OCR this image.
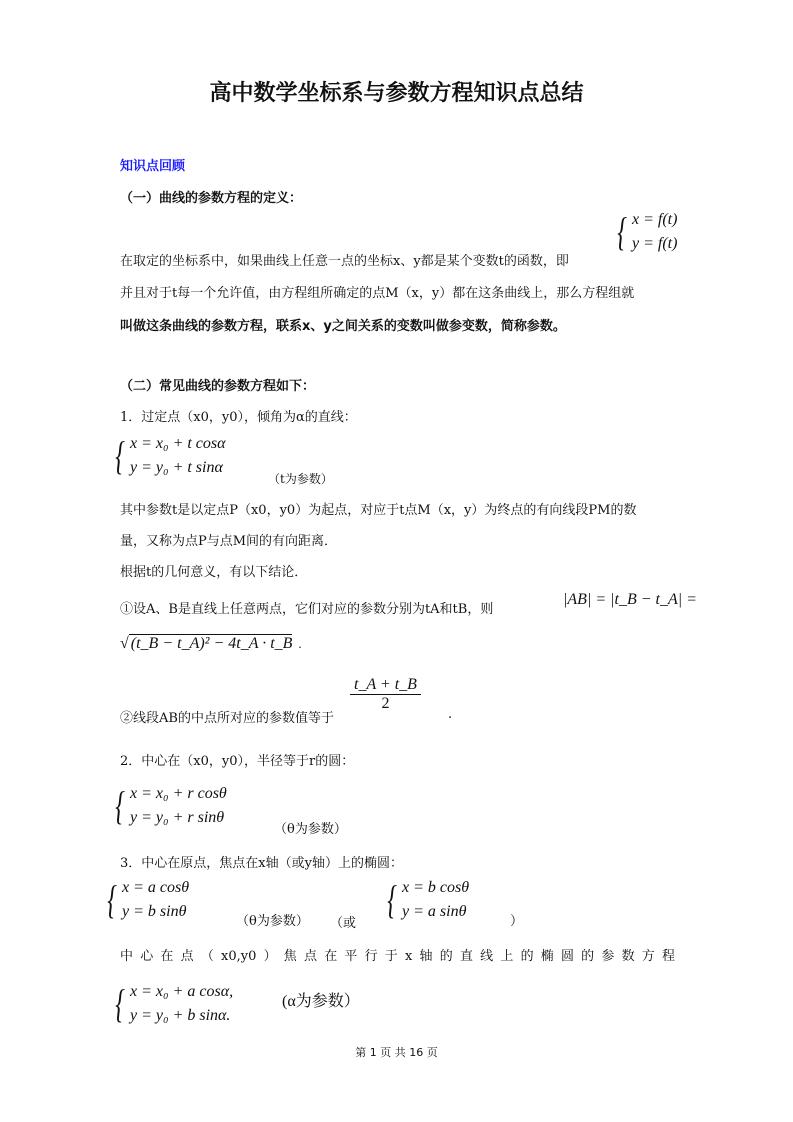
高中数学坐标系与参数方程知识点总结
知识点回顾
（一）曲线的参数方程的定义：
{ x = f(t)
y = f(t)
在取定的坐标系中，如果曲线上任意一点的坐标x、y都是某个变数t的函数，即
并且对于t每一个允许值，由方程组所确定的点M（x，y）都在这条曲线上，那么方程组就
叫做这条曲线的参数方程，联系x、y之间关系的变数叫做参变数，简称参数。
（二）常见曲线的参数方程如下：
1．过定点（x0，y0），倾角为α的直线：
{ x = x₀ + t cosα
y = y₀ + t sinα
（t为参数）
其中参数t是以定点P（x0，y0）为起点，对应于t点M（x，y）为终点的有向线段PM的数
量，又称为点P与点M间的有向距离．
根据t的几何意义，有以下结论．
①设A、B是直线上任意两点，它们对应的参数分别为tA和tB，则
|AB| = |t_B − t_A| =
√ (t_B − t_A)² − 4t_A · t_B .
$\frac{t\_A + t\_B}{2}$
②线段AB的中点所对应的参数值等于	.
2．中心在（x0，y0），半径等于r的圆：
{ x = x₀ + r cosθ
y = y₀ + r sinθ
（θ为参数）
3．中心在原点，焦点在x轴（或y轴）上的椭圆：
{ x = a cosθ
y = b sinθ
（θ为参数） （或
{ x = b cosθ
y = a sinθ
）
中心在点（x0,y0）焦点在平行于x轴的直线上的椭圆的参数方程
{ x = x₀ + a cosα,
y = y₀ + b sinα.
(α为参数）
第 1 页 共 16 页
